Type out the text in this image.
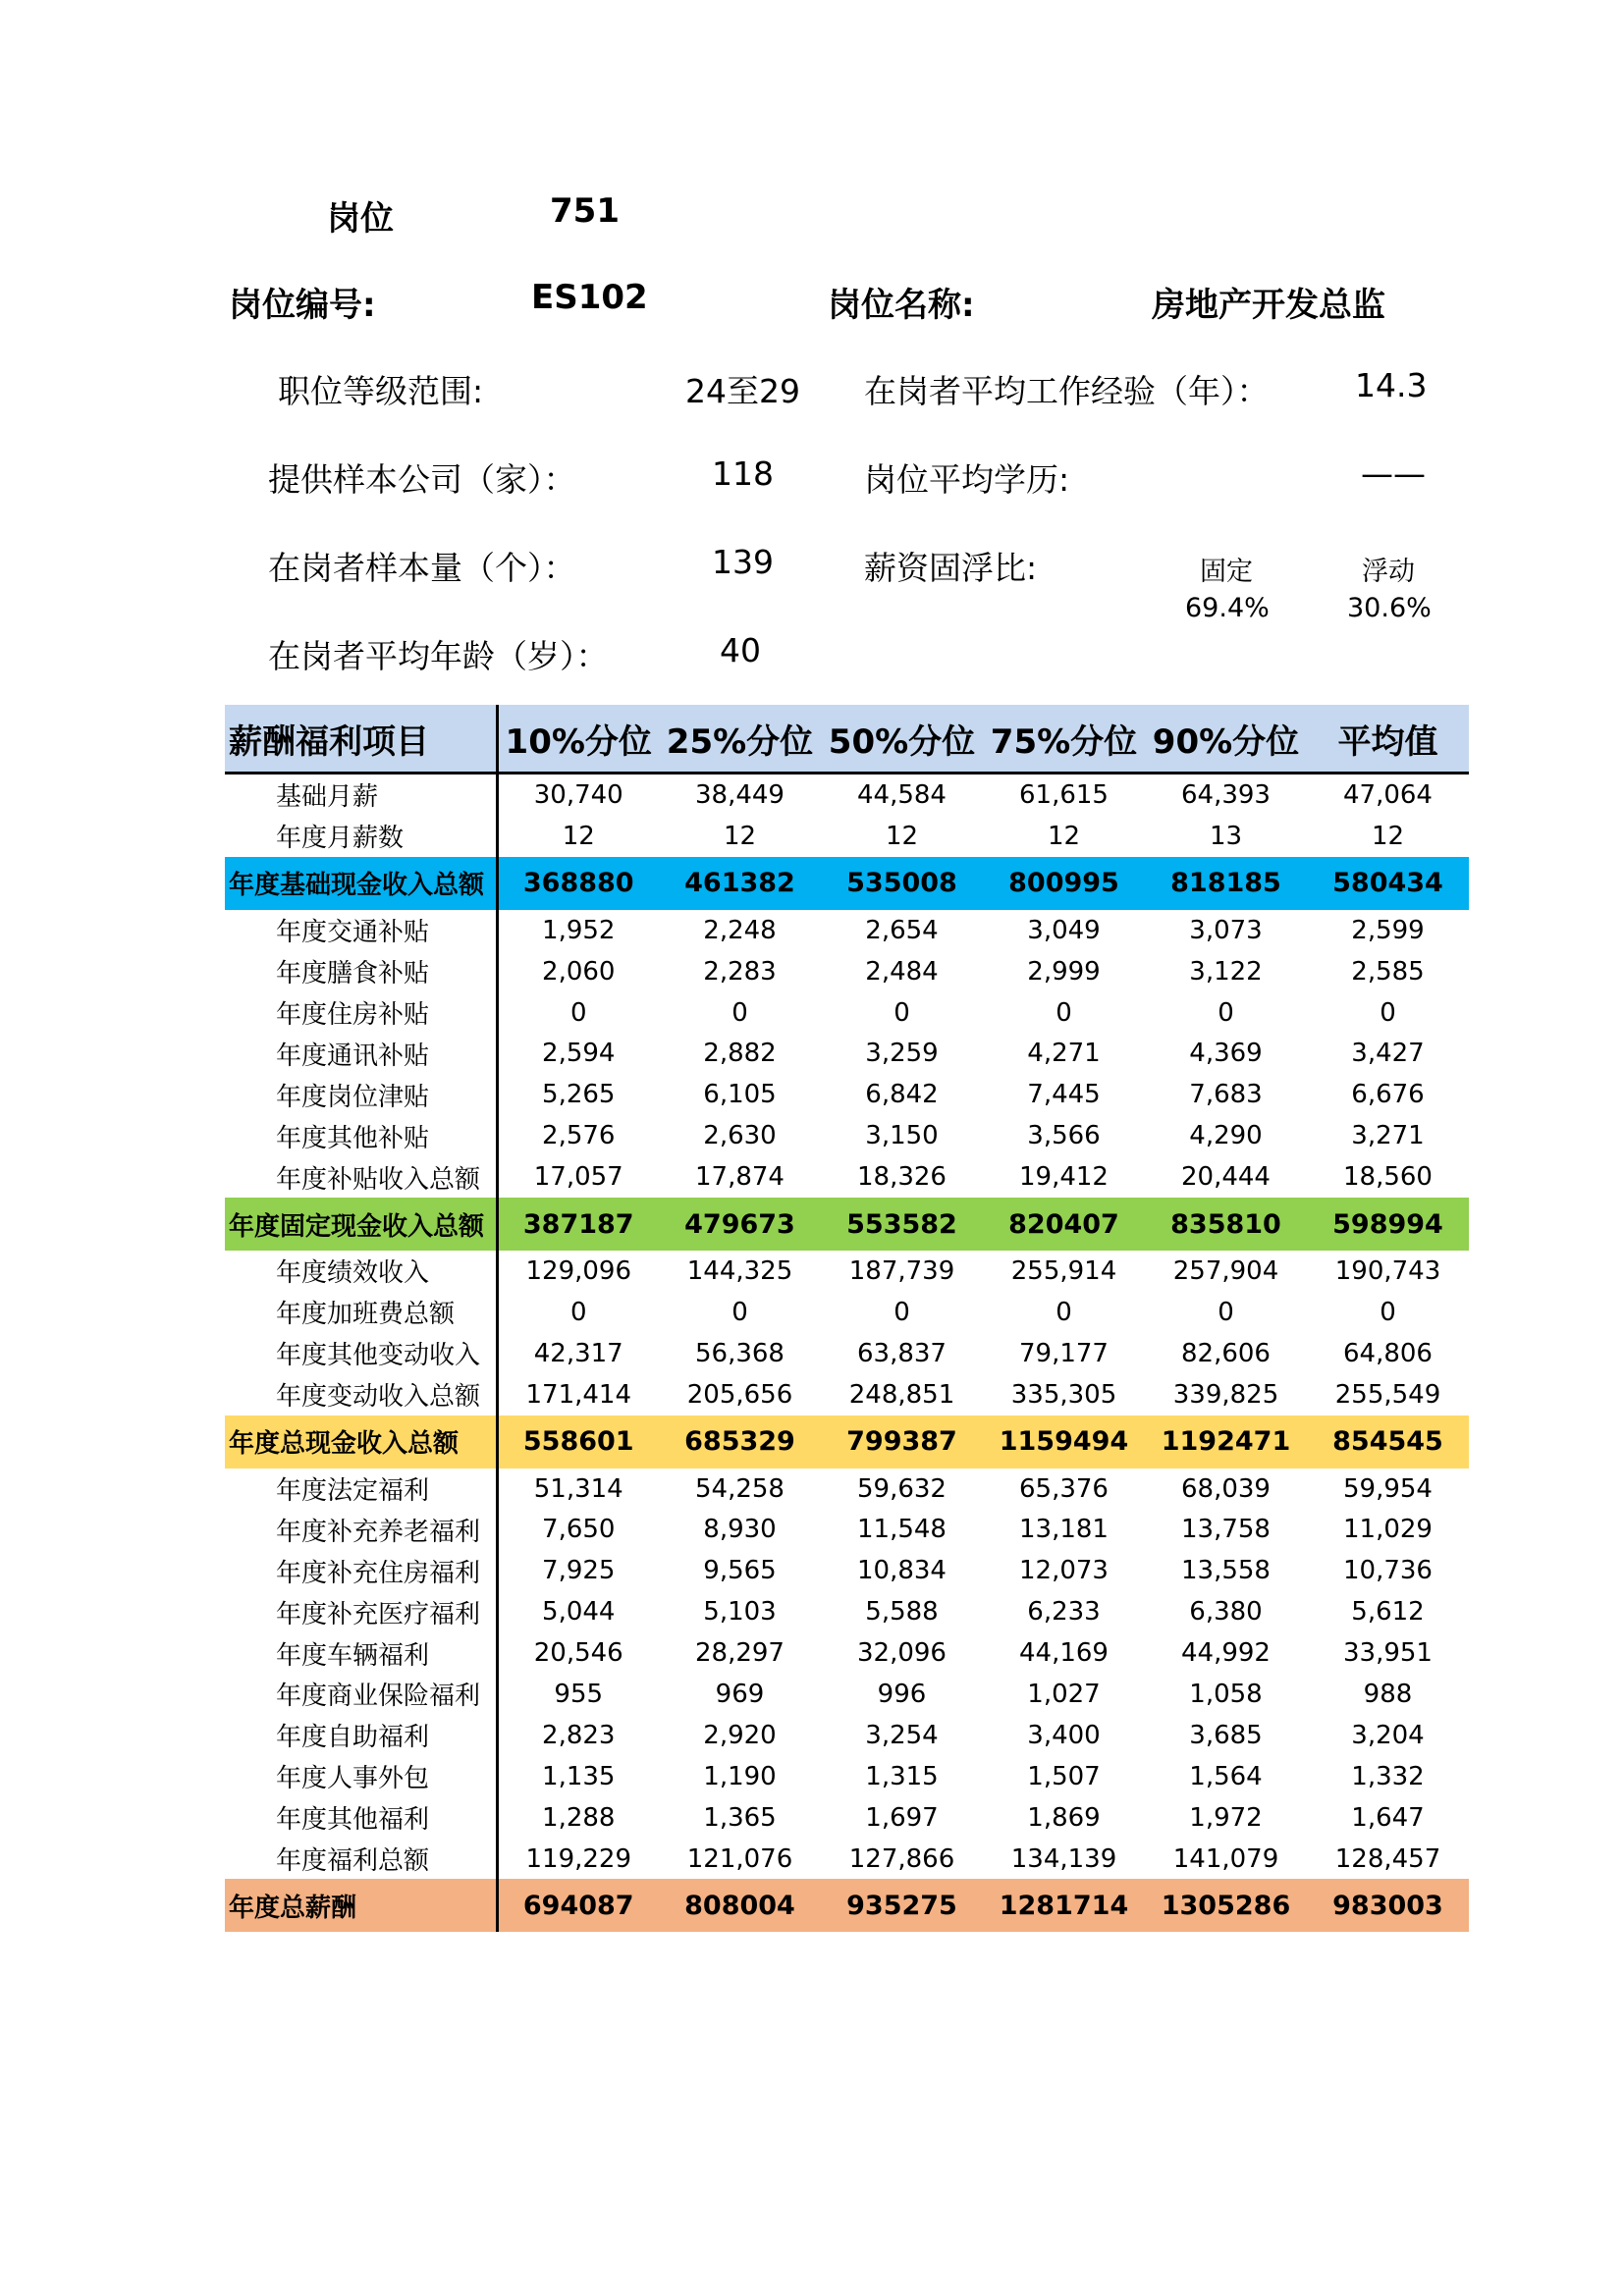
岗位	751
岗位编号:	ES102	岗位名称:	房地产开发总监
职位等级范围:	24至29 在岗者平均工作经验（年）：	14.3
提供样本公司（家）：	118	岗位平均学历:	——
在岗者样本量（个）：	139	薪资固浮比:	固定	浮动
69.4%	30.6%
在岗者平均年龄（岁）：	40
薪酬福利项目	10%分位	25%分位	50%分位	75%分位	90%分位	平均值
基础月薪	30,740	38,449	44,584	61,615	64,393	47,064
年度月薪数	12	12	12	12	13	12
年度基础现金收入总额	368880	461382	535008	800995	818185	580434
年度交通补贴	1,952	2,248	2,654	3,049	3,073	2,599
年度膳食补贴	2,060	2,283	2,484	2,999	3,122	2,585
年度住房补贴	0	0	0	0	0	0
年度通讯补贴	2,594	2,882	3,259	4,271	4,369	3,427
年度岗位津贴	5,265	6,105	6,842	7,445	7,683	6,676
年度其他补贴	2,576	2,630	3,150	3,566	4,290	3,271
年度补贴收入总额	17,057	17,874	18,326	19,412	20,444	18,560
年度固定现金收入总额	387187	479673	553582	820407	835810	598994
年度绩效收入	129,096	144,325	187,739	255,914	257,904	190,743
年度加班费总额	0	0	0	0	0	0
年度其他变动收入	42,317	56,368	63,837	79,177	82,606	64,806
年度变动收入总额	171,414	205,656	248,851	335,305	339,825	255,549
年度总现金收入总额	558601	685329	799387	1159494	1192471	854545
年度法定福利	51,314	54,258	59,632	65,376	68,039	59,954
年度补充养老福利	7,650	8,930	11,548	13,181	13,758	11,029
年度补充住房福利	7,925	9,565	10,834	12,073	13,558	10,736
年度补充医疗福利	5,044	5,103	5,588	6,233	6,380	5,612
年度车辆福利	20,546	28,297	32,096	44,169	44,992	33,951
年度商业保险福利	955	969	996	1,027	1,058	988
年度自助福利	2,823	2,920	3,254	3,400	3,685	3,204
年度人事外包	1,135	1,190	1,315	1,507	1,564	1,332
年度其他福利	1,288	1,365	1,697	1,869	1,972	1,647
年度福利总额	119,229	121,076	127,866	134,139	141,079	128,457
年度总薪酬	694087	808004	935275	1281714	1305286	983003
